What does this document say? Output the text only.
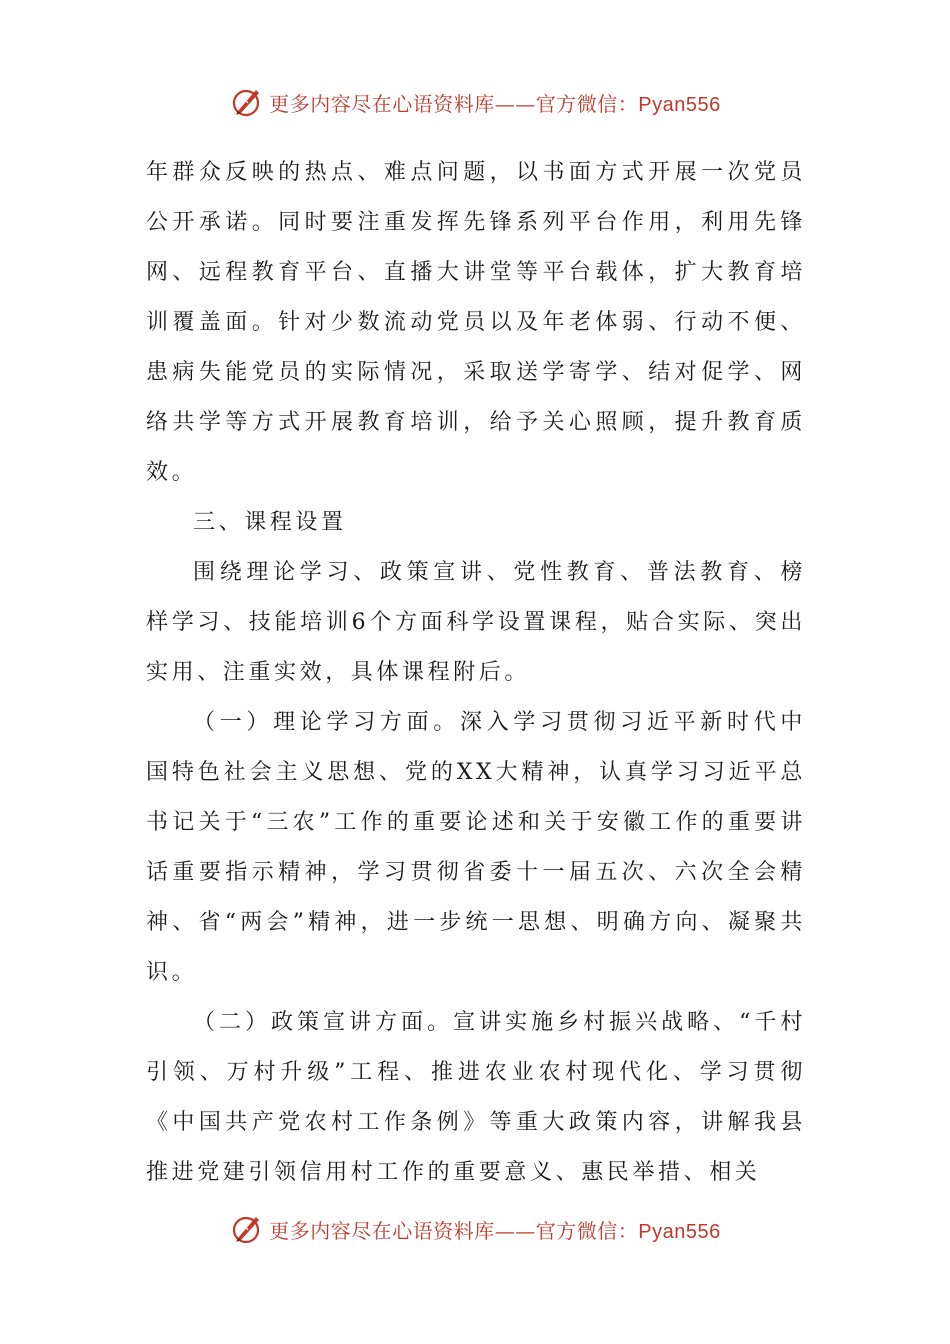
更多内容尽在心语资料库——官方微信：Pyan556

年群众反映的热点、难点问题，以书面方式开展一次党员公开承诺。同时要注重发挥先锋系列平台作用，利用先锋网、远程教育平台、直播大讲堂等平台载体，扩大教育培训覆盖面。针对少数流动党员以及年老体弱、行动不便、患病失能党员的实际情况，采取送学寄学、结对促学、网络共学等方式开展教育培训，给予关心照顾，提升教育质效。

三、课程设置

围绕理论学习、政策宣讲、党性教育、普法教育、榜样学习、技能培训6个方面科学设置课程，贴合实际、突出实用、注重实效，具体课程附后。

（一）理论学习方面。深入学习贯彻习近平新时代中国特色社会主义思想、党的XX大精神，认真学习习近平总书记关于“三农”工作的重要论述和关于安徽工作的重要讲话重要指示精神，学习贯彻省委十一届五次、六次全会精神、省“两会”精神，进一步统一思想、明确方向、凝聚共识。

（二）政策宣讲方面。宣讲实施乡村振兴战略、“千村引领、万村升级”工程、推进农业农村现代化、学习贯彻《中国共产党农村工作条例》等重大政策内容，讲解我县推进党建引领信用村工作的重要意义、惠民举措、相关

更多内容尽在心语资料库——官方微信：Pyan556
